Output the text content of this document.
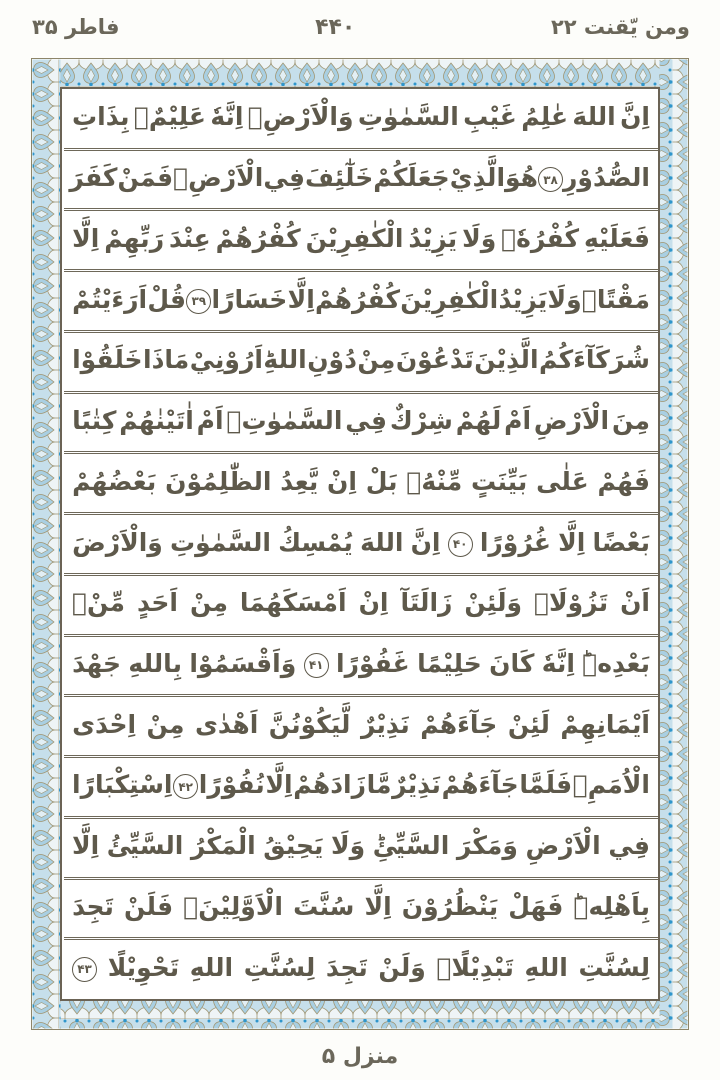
ومن يّقنت ۲۲
۴۴۰
فاطر ۳۵
اِنَّ
اللهَ
عٰلِمُ
غَيْبِ
السَّمٰوٰتِ
وَالْاَرْضِۚ
اِنَّهٗ
عَلِيْمٌۢ
بِذَاتِ
الصُّدُوْرِ
۳۸
هُوَالَّذِيْ
جَعَلَكُمْ
خَلٰٓئِفَ
فِي
الْاَرْضِۚ
فَمَنْ
كَفَرَ
فَعَلَيْهِ
كُفْرُهٗۚ
وَلَا
يَزِيْدُ
الْكٰفِرِيْنَ
كُفْرُهُمْ
عِنْدَ
رَبِّهِمْ
اِلَّا
مَقْتًاۚ
وَلَا
يَزِيْدُ
الْكٰفِرِيْنَ
كُفْرُهُمْ
اِلَّا
خَسَارًا
۳۹
قُلْ
اَرَءَيْتُمْ
شُرَكَآءَكُمُ
الَّذِيْنَ
تَدْعُوْنَ
مِنْ
دُوْنِ
اللهِؕ
اَرُوْنِيْ
مَاذَا
خَلَقُوْا
مِنَ
الْاَرْضِ
اَمْ
لَهُمْ
شِرْكٌ
فِي
السَّمٰوٰتِۚ
اَمْ
اٰتَيْنٰهُمْ
كِتٰبًا
فَهُمْ
عَلٰى
بَيِّنَتٍ
مِّنْهُۚ
بَلْ
اِنْ
يَّعِدُ
الظّٰلِمُوْنَ
بَعْضُهُمْ
بَعْضًا
اِلَّا
غُرُوْرًا
۴۰
اِنَّ
اللهَ
يُمْسِكُ
السَّمٰوٰتِ
وَالْاَرْضَ
اَنْ
تَزُوْلَاۚ
وَلَئِنْ
زَالَتَآ
اِنْ
اَمْسَكَهُمَا
مِنْ
اَحَدٍ
مِّنْۢ
بَعْدِهٖؕ
اِنَّهٗ
كَانَ
حَلِيْمًا
غَفُوْرًا
۴۱
وَاَقْسَمُوْا
بِاللهِ
جَهْدَ
اَيْمَانِهِمْ
لَئِنْ
جَآءَهُمْ
نَذِيْرٌ
لَّيَكُوْنُنَّ
اَهْدٰى
مِنْ
اِحْدَى
الْاُمَمِۚ
فَلَمَّا
جَآءَهُمْ
نَذِيْرٌ
مَّا
زَادَهُمْ
اِلَّا
نُفُوْرًا
۴۲
اِسْتِكْبَارًا
فِي
الْاَرْضِ
وَمَكْرَ
السَّيِّئِؕ
وَلَا
يَحِيْقُ
الْمَكْرُ
السَّيِّئُ
اِلَّا
بِاَهْلِهٖؕ
فَهَلْ
يَنْظُرُوْنَ
اِلَّا
سُنَّتَ
الْاَوَّلِيْنَۚ
فَلَنْ
تَجِدَ
لِسُنَّتِ
اللهِ
تَبْدِيْلًاۚ
وَلَنْ
تَجِدَ
لِسُنَّتِ
اللهِ
تَحْوِيْلًا
۴۳
منزل ۵
